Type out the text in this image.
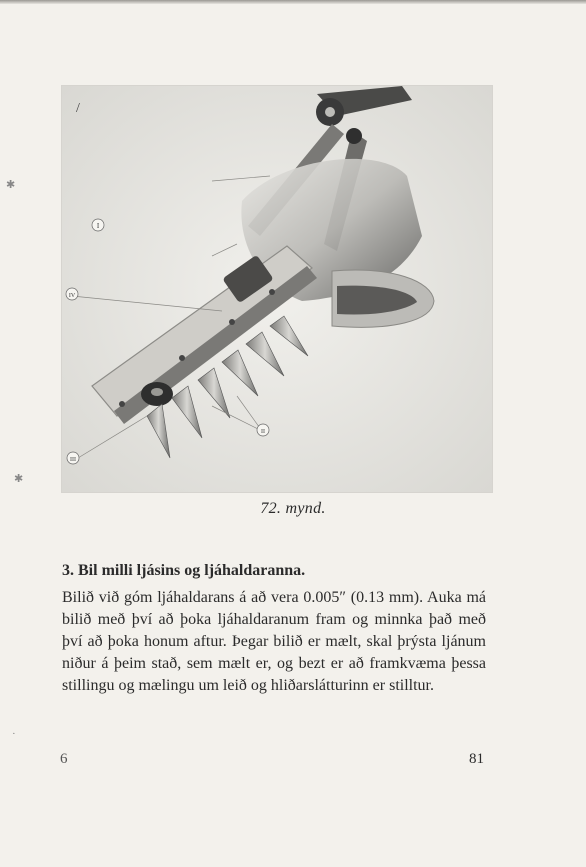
✱
✱
·
/
I
IV
II
III
72. mynd.
3. Bil milli ljásins og ljáhaldaranna.
Bilið við góm ljáhaldarans á að vera 0.005″ (0.13 mm). Auka má bilið með því að þoka ljáhaldaranum fram og minnka það með því að þoka honum aftur. Þegar bilið er mælt, skal þrýsta ljánum niður á þeim stað, sem mælt er, og bezt er að framkvæma þessa stillingu og mælingu um leið og hliðarslátturinn er stilltur.
6	81
